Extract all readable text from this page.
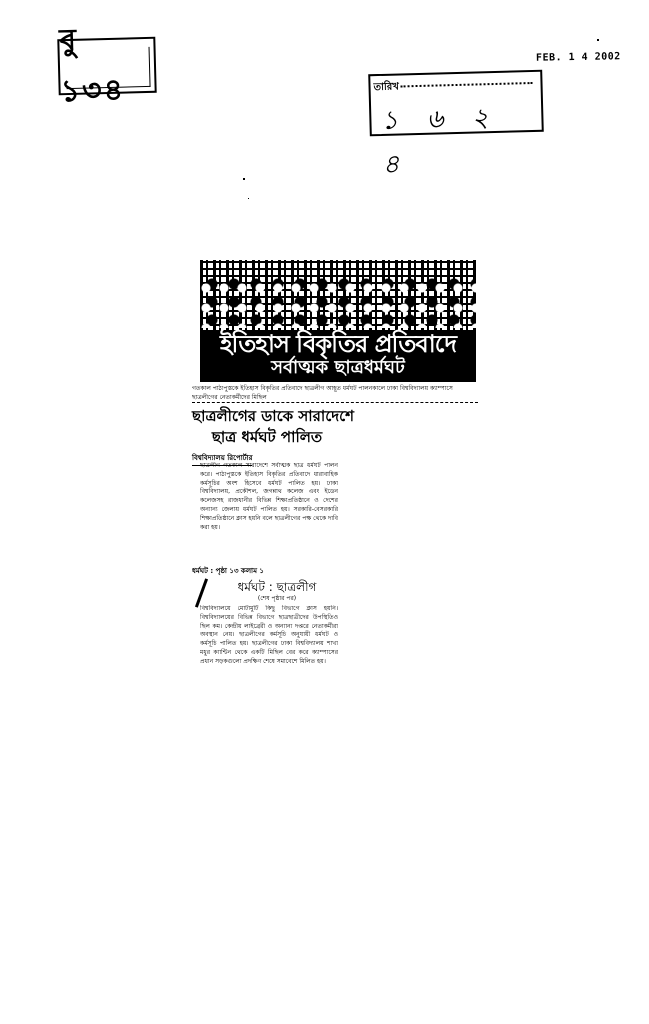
বু ১৩৪
FEB. 1 4 2002
তারিখ
১ ৬ ২ ৪
ইতিহাস বিকৃতির প্রতিবাদে
সর্বাত্মক ছাত্রধর্মঘট
গতকাল পাঠ্যপুস্তকে ইতিহাস বিকৃতির প্রতিবাদে ছাত্রলীগ আহূত ধর্মঘট পালনকালে ঢাকা বিশ্ববিদ্যালয় ক্যাম্পাসে ছাত্রলীগের নেতাকর্মীদের মিছিল
ছাত্রলীগের ডাকে সারাদেশে
ছাত্র ধর্মঘট পালিত
বিশ্ববিদ্যালয় রিপোর্টার
ছাত্রলীগ গতকাল সারাদেশে সর্বাত্মক ছাত্র ধর্মঘট পালন করে। পাঠ্যপুস্তকে ইতিহাস বিকৃতির প্রতিবাদে ধারাবাহিক কর্মসূচির অংশ হিসেবে ধর্মঘট পালিত হয়। ঢাকা বিশ্ববিদ্যালয়, প্রকৌশল, জগন্নাথ কলেজ এবং ইডেন কলেজসহ রাজধানীর বিভিন্ন শিক্ষাপ্রতিষ্ঠানে ও দেশের অন্যান্য জেলায় ধর্মঘট পালিত হয়। সরকারি-বেসরকারি শিক্ষাপ্রতিষ্ঠানে ক্লাস হয়নি বলে ছাত্রলীগের পক্ষ থেকে দাবি করা হয়।
ধর্মঘট : পৃষ্ঠা ১৩ কলাম ১
ধর্মঘট : ছাত্রলীগ
(শেষ পৃষ্ঠার পর)
বিশ্ববিদ্যালয়ে মোটামুটি কিছু বিভাগে ক্লাস হয়নি। বিশ্ববিদ্যালয়ের বিভিন্ন বিভাগে ছাত্রছাত্রীদের উপস্থিতিও ছিল কম। কেন্দ্রীয় লাইব্রেরী ও অন্যান্য দপ্তরে নেতাকর্মীরা অবস্থান নেয়। ছাত্রলীগের কর্মসূচি অনুযায়ী ধর্মঘট ও কর্মসূচি পালিত হয়। ছাত্রলীগের ঢাকা বিশ্ববিদ্যালয় শাখা মধুর ক্যান্টিন থেকে একটি মিছিল বের করে ক্যাম্পাসের প্রধান সড়কগুলো প্রদক্ষিণ শেষে সমাবেশে মিলিত হয়।
